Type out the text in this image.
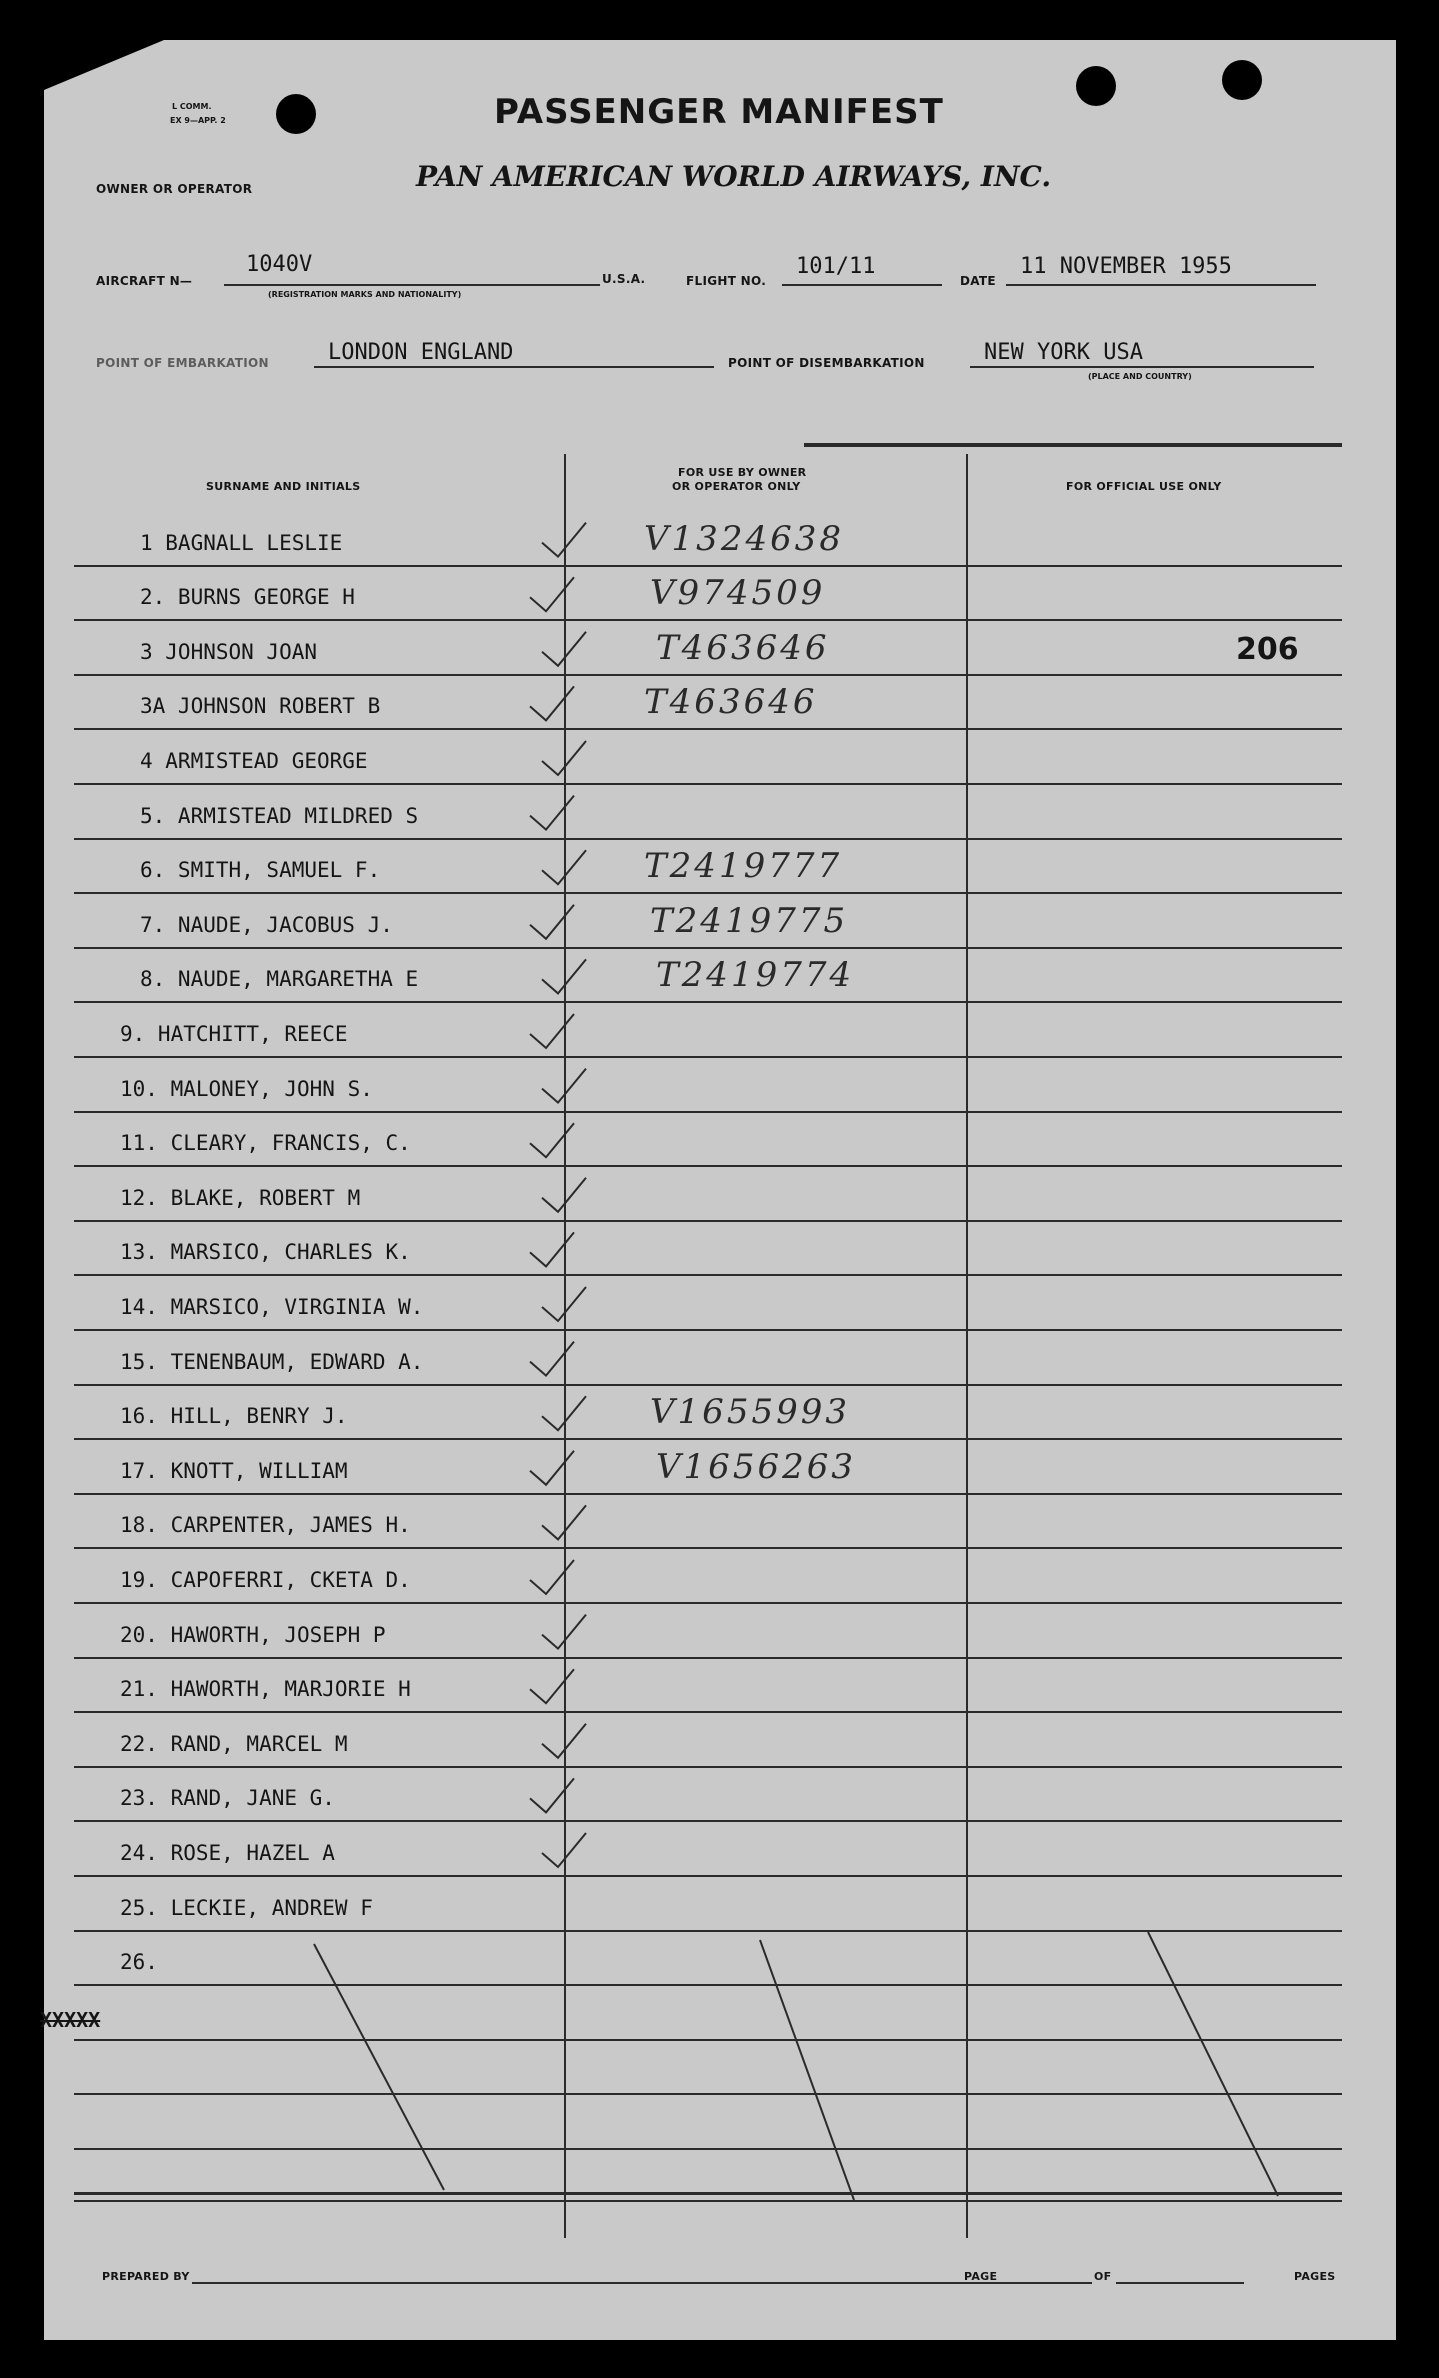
L COMM.
EX 9—APP. 2	PASSENGER MANIFEST
OWNER OR OPERATOR	PAN AMERICAN WORLD AIRWAYS, INC.
AIRCRAFT N—
1040V
(REGISTRATION MARKS AND NATIONALITY)
U.S.A.	FLIGHT NO.
101/11
DATE
11 NOVEMBER 1955
POINT OF EMBARKATION	LONDON ENGLAND	POINT OF DISEMBARKATION	NEW YORK USA
(PLACE AND COUNTRY)
SURNAME AND INITIALS
FOR USE BY OWNER
OR OPERATOR ONLY	FOR OFFICIAL USE ONLY
1 BAGNALL LESLIE	V1324638
2. BURNS GEORGE H	V974509
3 JOHNSON JOAN	T463646	206
3A JOHNSON ROBERT B	T463646
4 ARMISTEAD GEORGE
5. ARMISTEAD MILDRED S
6. SMITH, SAMUEL F.	T2419777
7. NAUDE, JACOBUS J.	T2419775
8. NAUDE, MARGARETHA E	T2419774
9. HATCHITT, REECE
10. MALONEY, JOHN S.
11. CLEARY, FRANCIS, C.
12. BLAKE, ROBERT M
13. MARSICO, CHARLES K.
14. MARSICO, VIRGINIA W.
15. TENENBAUM, EDWARD A.
16. HILL, BENRY J.	V1655993
17. KNOTT, WILLIAM	V1656263
18. CARPENTER, JAMES H.
19. CAPOFERRI, CKETA D.
20. HAWORTH, JOSEPH P
21. HAWORTH, MARJORIE H
22. RAND, MARCEL M
23. RAND, JANE G.
24. ROSE, HAZEL A
25. LECKIE, ANDREW F
26.
XXXXX
PREPARED BY	PAGE	OF	PAGES
